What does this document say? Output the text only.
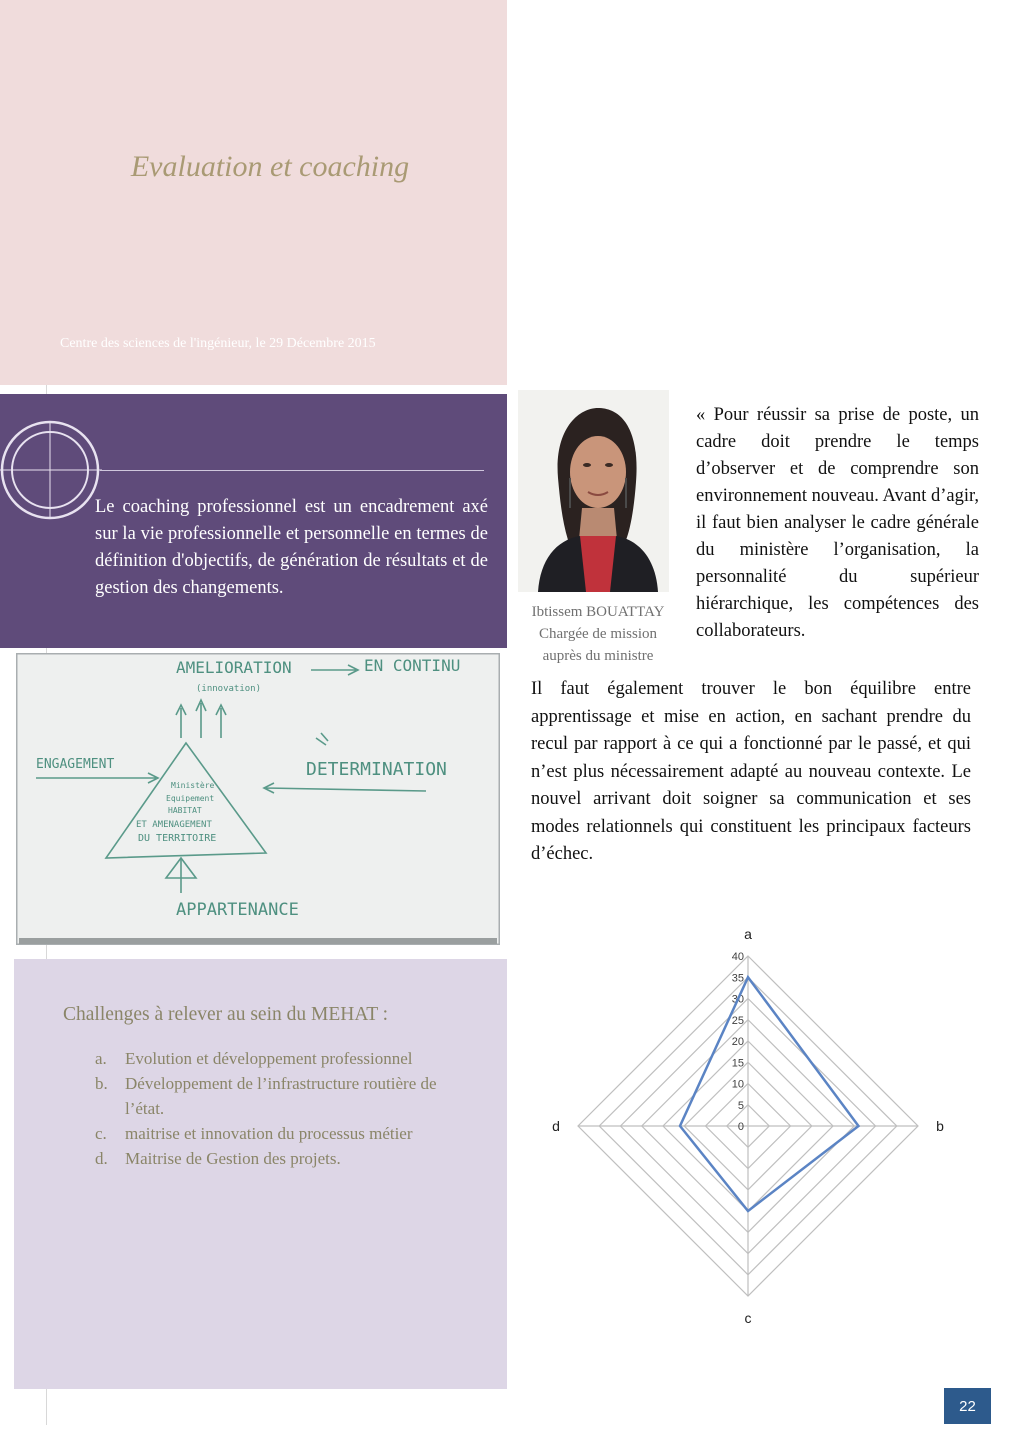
Evaluation et coaching
Centre des sciences de l'ingénieur, le 29 Décembre 2015
Le coaching professionnel est un encadrement axé sur la vie professionnelle et personnelle en termes de définition d'objectifs, de génération de résultats et de gestion des changements.
Ibtissem BOUATTAY
Chargée de mission
auprès du ministre
« Pour réussir sa prise de poste, un cadre doit prendre le temps d’observer et de comprendre son environnement nouveau. Avant d’agir, il faut bien analyser le cadre générale du ministère l’organisation, la personnalité du supérieur hiérarchique, les compétences des collaborateurs.
Il faut également trouver le bon équilibre entre apprentissage et mise en action, en sachant prendre du recul par rapport à ce qui a fonctionné par le passé, et qui n’est plus nécessairement adapté au nouveau contexte. Le nouvel arrivant doit soigner sa communication et ses modes relationnels qui constituent les principaux facteurs d’échec.
AMELIORATION
(innovation)
EN CONTINU
ENGAGEMENT	DETERMINATION
Ministère
Equipement
HABITAT
ET AMENAGEMENT
DU TERRITOIRE
APPARTENANCE
Challenges à relever au sein du MEHAT :
a. Evolution et développement professionnel
b. Développement de l’infrastructure routière de l’état.
c. maitrise et innovation du processus métier
d. Maitrise de Gestion des projets.
0
5
10
15
20
25
30
35
40
a
b
c
d
22
